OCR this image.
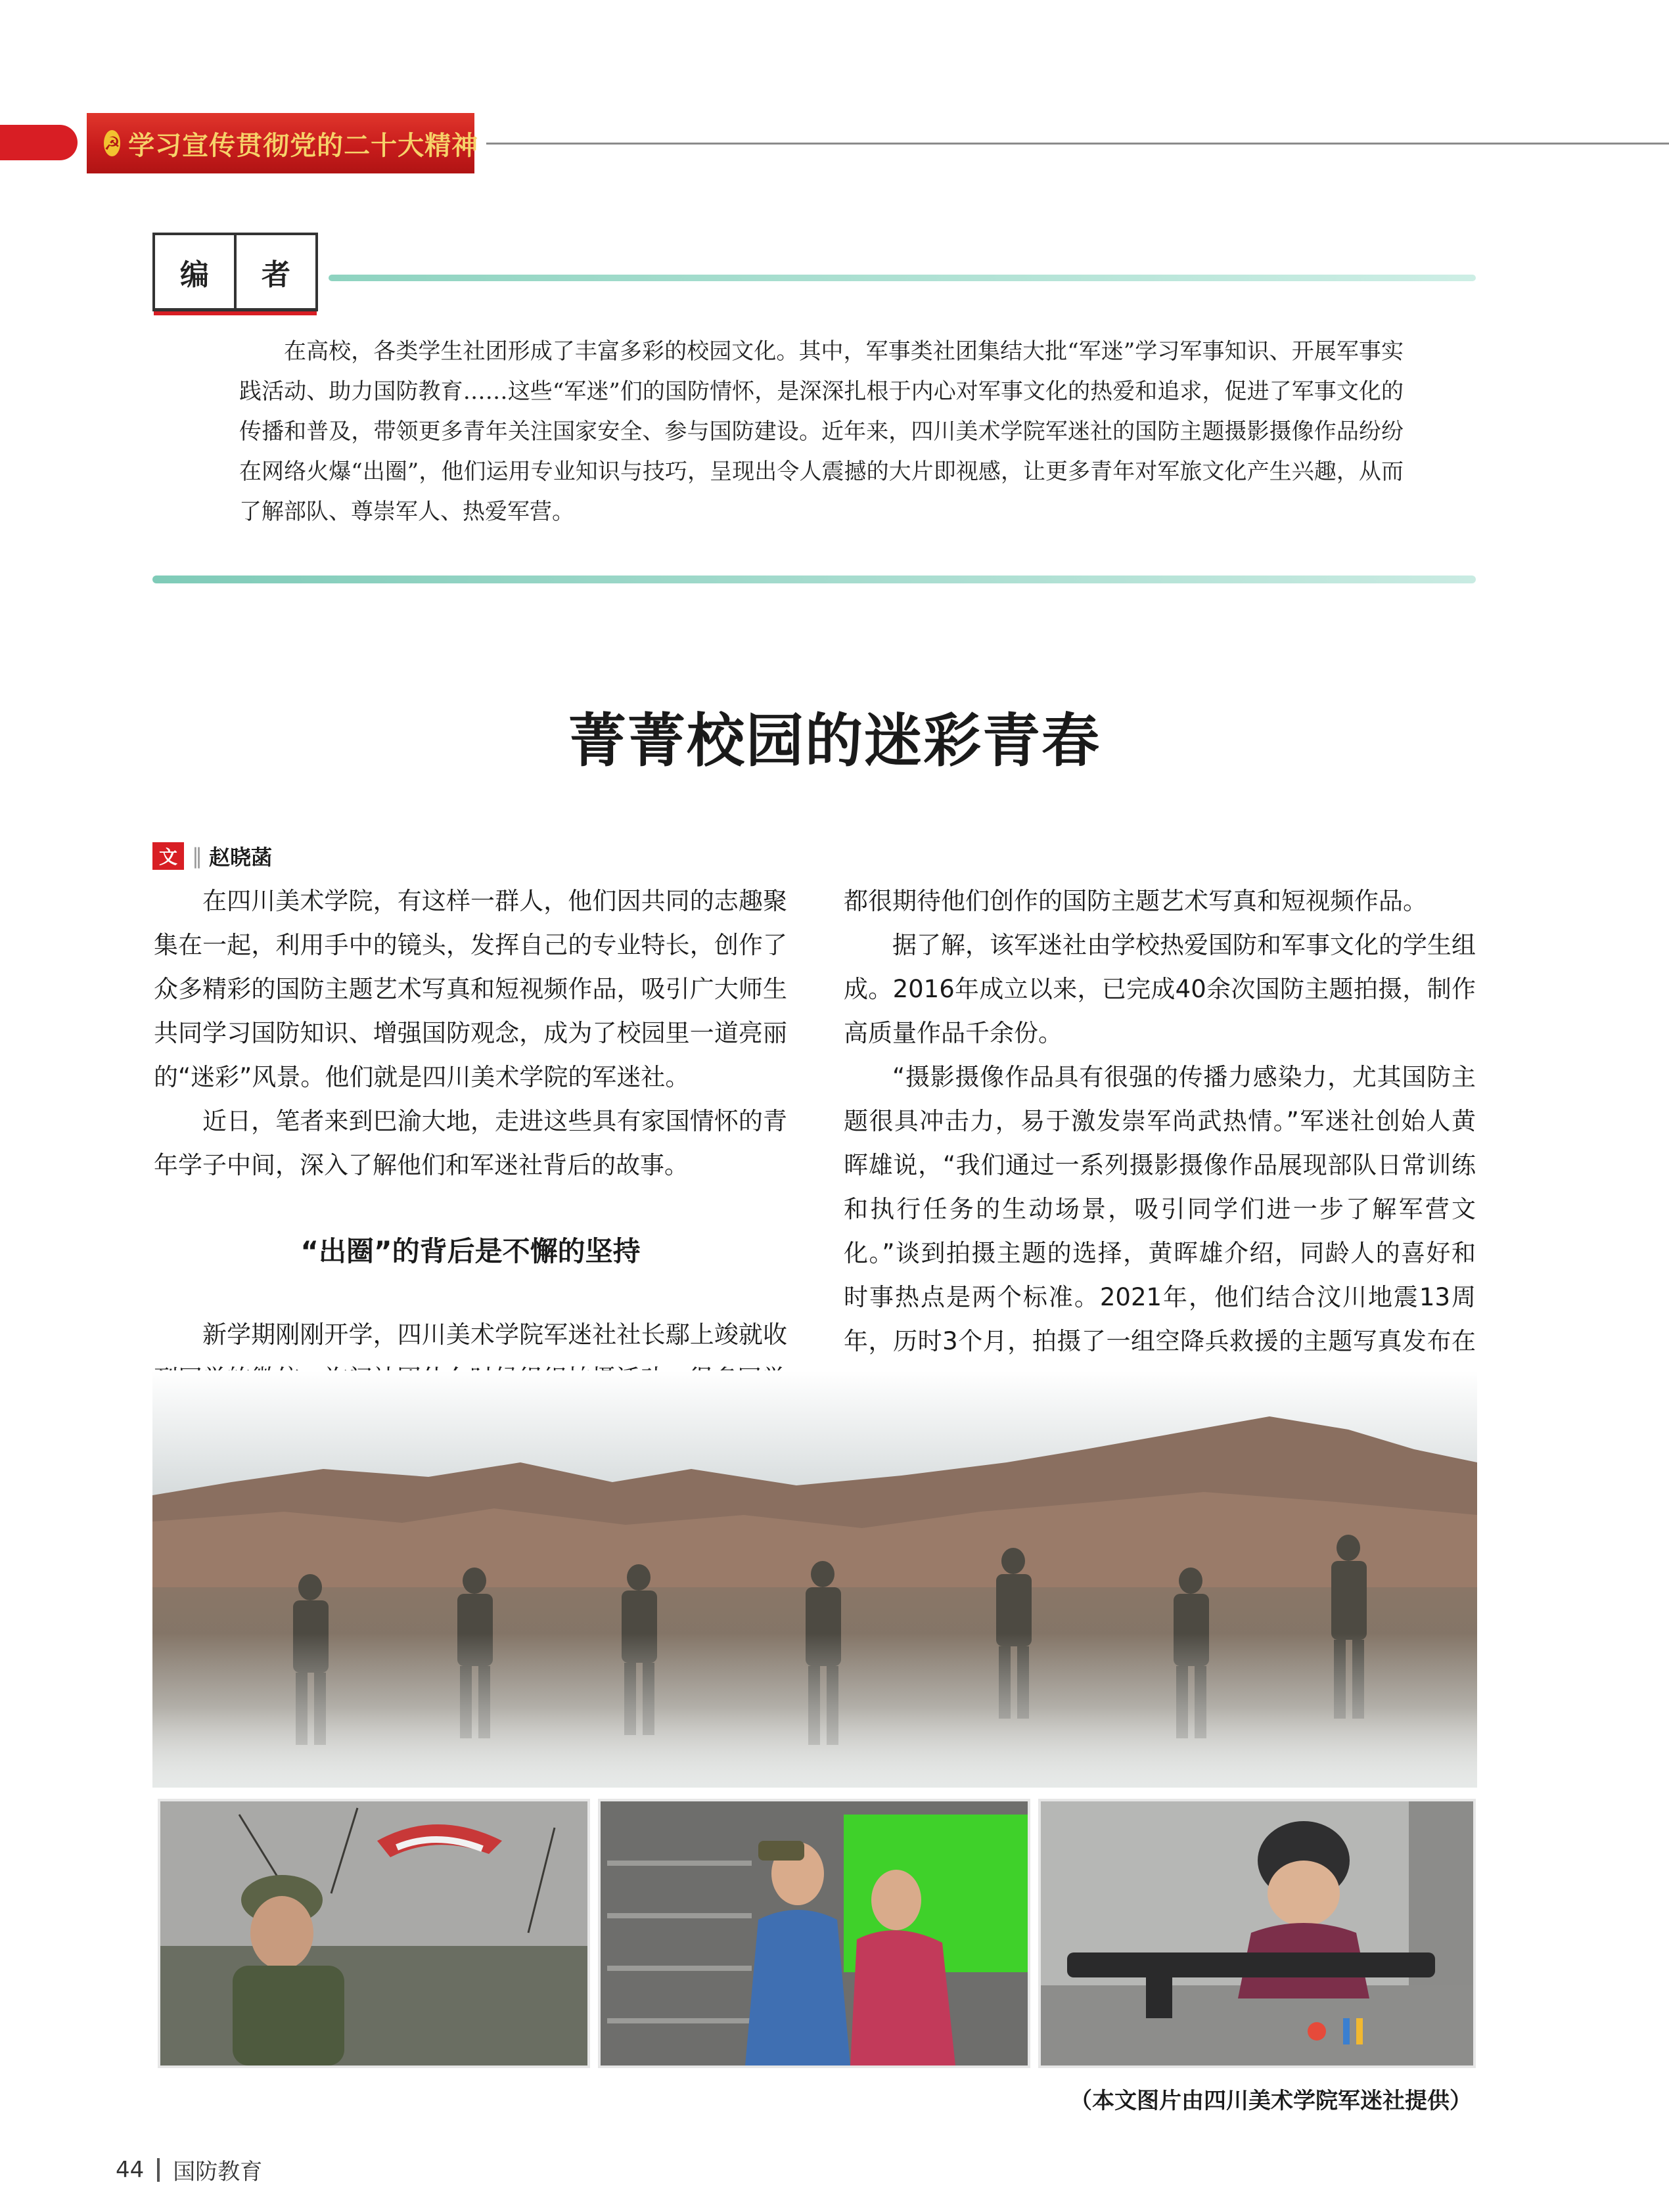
☭ 学习宣传贯彻党的二十大精神
编	者
在高校，各类学生社团形成了丰富多彩的校园文化。其中，军事类社团集结大批“军迷”学习军事知识、开展军事实践活动、助力国防教育……这些“军迷”们的国防情怀，是深深扎根于内心对军事文化的热爱和追求，促进了军事文化的传播和普及，带领更多青年关注国家安全、参与国防建设。近年来，四川美术学院军迷社的国防主题摄影摄像作品纷纷在网络火爆“出圈”，他们运用专业知识与技巧，呈现出令人震撼的大片即视感，让更多青年对军旅文化产生兴趣，从而了解部队、尊崇军人、热爱军营。
菁菁校园的迷彩青春
文 ‖ 赵晓菡

在四川美术学院，有这样一群人，他们因共同的志趣聚集在一起，利用手中的镜头，发挥自己的专业特长，创作了众多精彩的国防主题艺术写真和短视频作品，吸引广大师生共同学习国防知识、增强国防观念，成为了校园里一道亮丽的“迷彩”风景。他们就是四川美术学院的军迷社。

近日，笔者来到巴渝大地，走进这些具有家国情怀的青年学子中间，深入了解他们和军迷社背后的故事。

“出圈”的背后是不懈的坚持

新学期刚刚开学，四川美术学院军迷社社长鄢上竣就收

都很期待他们创作的国防主题艺术写真和短视频作品。

据了解，该军迷社由学校热爱国防和军事文化的学生组成。2016年成立以来，已完成40余次国防主题拍摄，制作高质量作品千余份。

“摄影摄像作品具有很强的传播力感染力，尤其国防主题很具冲击力，易于激发崇军尚武热情。”军迷社创始人黄晖雄说，“我们通过一系列摄影摄像作品展现部队日常训练和执行任务的生动场景，吸引同学们进一步了解军营文化。”谈到拍摄主题的选择，黄晖雄介绍，同龄人的喜好和时事热点是两个标准。2021年，他们结合汶川地震13周年，历时3个月，拍摄了一组空降兵救援的主题写真发布在

（本文图片由四川美术学院军迷社提供）
44 国防教育
